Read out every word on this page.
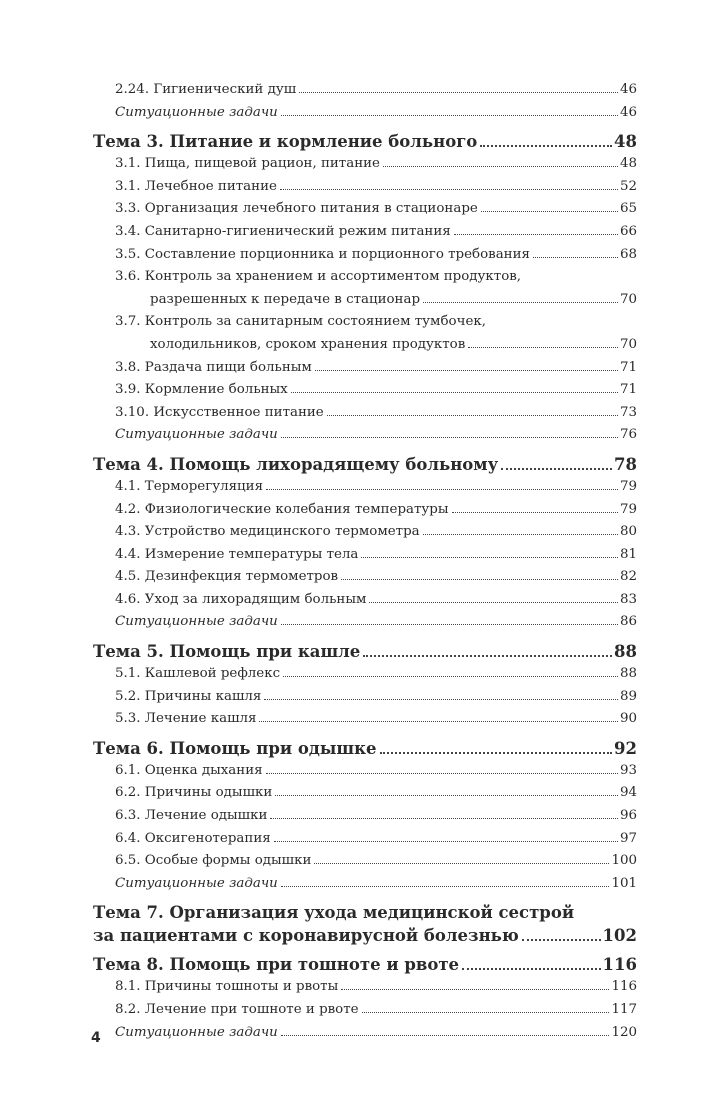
2.24. Гигиенический душ	46
Ситуационные задачи	46
Тема 3. Питание и кормление больного	48
3.1. Пища, пищевой рацион, питание	48
3.1. Лечебное питание	52
3.3. Организация лечебного питания в стационаре	65
3.4. Санитарно-гигиенический режим питания	66
3.5. Составление порционника и порционного требования	68
3.6. Контроль за хранением и ассортиментом продуктов,
разрешенных к передаче в стационар	70
3.7. Контроль за санитарным состоянием тумбочек,
холодильников, сроком хранения продуктов	70
3.8. Раздача пищи больным	71
3.9. Кормление больных	71
3.10. Искусственное питание	73
Ситуационные задачи	76
Тема 4. Помощь лихорадящему больному	78
4.1. Терморегуляция	79
4.2. Физиологические колебания температуры	79
4.3. Устройство медицинского термометра	80
4.4. Измерение температуры тела	81
4.5. Дезинфекция термометров	82
4.6. Уход за лихорадящим больным	83
Ситуационные задачи	86
Тема 5. Помощь при кашле	88
5.1. Кашлевой рефлекс	88
5.2. Причины кашля	89
5.3. Лечение кашля	90
Тема 6. Помощь при одышке	92
6.1. Оценка дыхания	93
6.2. Причины одышки	94
6.3. Лечение одышки	96
6.4. Оксигенотерапия	97
6.5. Особые формы одышки	100
Ситуационные задачи	101
Тема 7. Организация ухода медицинской сестрой
за пациентами с коронавирусной болезнью	102
Тема 8. Помощь при тошноте и рвоте	116
8.1. Причины тошноты и рвоты	116
8.2. Лечение при тошноте и рвоте	117
Ситуационные задачи	120
4
